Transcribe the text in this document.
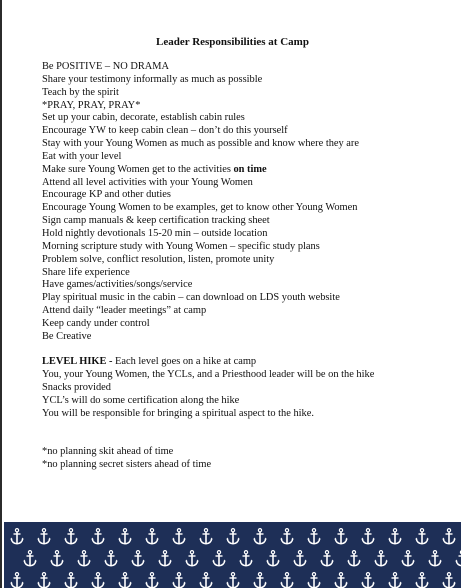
Leader Responsibilities at Camp
Be POSITIVE – NO DRAMA
Share your testimony informally as much as possible
Teach by the spirit
*PRAY, PRAY, PRAY*
Set up your cabin, decorate, establish cabin rules
Encourage YW to keep cabin clean – don’t do this yourself
Stay with your Young Women as much as possible and know where they are
Eat with your level
Make sure Young Women get to the activities on time
Attend all level activities with your Young Women
Encourage KP and other duties
Encourage Young Women to be examples, get to know other Young Women
Sign camp manuals & keep certification tracking sheet
Hold nightly devotionals 15-20 min – outside location
Morning scripture study with Young Women – specific study plans
Problem solve, conflict resolution, listen, promote unity
Share life experience
Have games/activities/songs/service
Play spiritual music in the cabin – can download on LDS youth website
Attend daily “leader meetings” at camp
Keep candy under control
Be Creative
LEVEL HIKE - Each level goes on a hike at camp
You, your Young Women, the YCLs, and a Priesthood leader will be on the hike
Snacks provided
YCL’s will do some certification along the hike
You will be responsible for bringing a spiritual aspect to the hike.
*no planning skit ahead of time
*no planning secret sisters ahead of time
